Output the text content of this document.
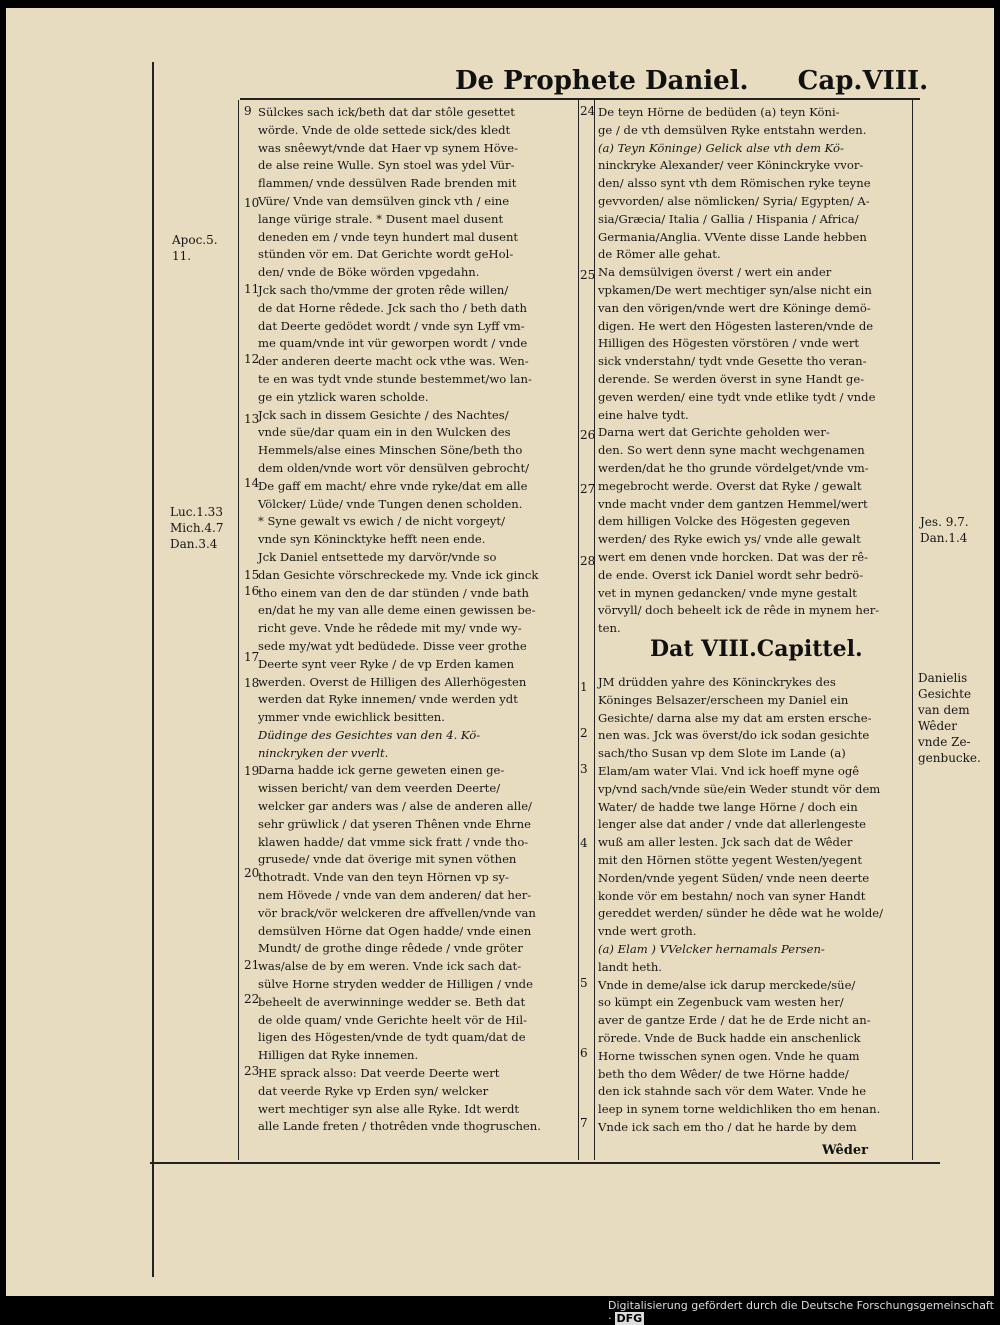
De Prophete Daniel. Cap.VIII.
Apoc.5.
11.
Luc.1.33
Mich.4.7
Dan.3.4
Jes. 9.7.
Dan.1.4
Danielis
Gesichte
van dem
Wêder
vnde Ze-
genbucke.
9
10
11
12
13
14
15
16
17
18
19
20
21
22
23
24
25
26
27
28
1
2
3
4
5
6
7

Sülckes sach ick/beth dat dar stôle gesettet

wörde. Vnde de olde settede sick/des kledt

was snêewyt/vnde dat Haer vp synem Höve-

de alse reine Wulle. Syn stoel was ydel Vür-

flammen/ vnde dessülven Rade brenden mit

Vüre/ Vnde van demsülven ginck vth / eine

lange vürige strale. * Dusent mael dusent

deneden em / vnde teyn hundert mal dusent

stünden vör em. Dat Gerichte wordt geHol-

den/ vnde de Böke wörden vpgedahn.

Jck sach tho/vmme der groten rêde willen/

de dat Horne rêdede. Jck sach tho / beth dath

dat Deerte gedödet wordt / vnde syn Lyff vm-

me quam/vnde int vür geworpen wordt / vnde

der anderen deerte macht ock vthe was. Wen-

te en was tydt vnde stunde bestemmet/wo lan-

ge ein ytzlick waren scholde.

Jck sach in dissem Gesichte / des Nachtes/

vnde süe/dar quam ein in den Wulcken des

Hemmels/alse eines Minschen Söne/beth tho

dem olden/vnde wort vör densülven gebrocht/

De gaff em macht/ ehre vnde ryke/dat em alle

Völcker/ Lüde/ vnde Tungen denen scholden.

* Syne gewalt vs ewich / de nicht vorgeyt/

vnde syn Könincktyke hefft neen ende.

Jck Daniel entsettede my darvör/vnde so

dan Gesichte vörschreckede my. Vnde ick ginck

tho einem van den de dar stünden / vnde bath

en/dat he my van alle deme einen gewissen be-

richt geve. Vnde he rêdede mit my/ vnde wy-

sede my/wat ydt bedüdede. Disse veer grothe

Deerte synt veer Ryke / de vp Erden kamen

werden. Overst de Hilligen des Allerhögesten

werden dat Ryke innemen/ vnde werden ydt

ymmer vnde ewichlick besitten.

Düdinge des Gesichtes van den 4. Kö-

ninckryken der vverlt.

Darna hadde ick gerne geweten einen ge-

wissen bericht/ van dem veerden Deerte/

welcker gar anders was / alse de anderen alle/

sehr grüwlick / dat yseren Thênen vnde Ehrne

klawen hadde/ dat vmme sick fratt / vnde tho-

grusede/ vnde dat överige mit synen vöthen

thotradt. Vnde van den teyn Hörnen vp sy-

nem Hövede / vnde van dem anderen/ dat her-

vör brack/vör welckeren dre affvellen/vnde van

demsülven Hörne dat Ogen hadde/ vnde einen

Mundt/ de grothe dinge rêdede / vnde gröter

was/alse de by em weren. Vnde ick sach dat-

sülve Horne stryden wedder de Hilligen / vnde

beheelt de averwinninge wedder se. Beth dat

de olde quam/ vnde Gerichte heelt vör de Hil-

ligen des Högesten/vnde de tydt quam/dat de

Hilligen dat Ryke innemen.

HE sprack alsso: Dat veerde Deerte wert

dat veerde Ryke vp Erden syn/ welcker

wert mechtiger syn alse alle Ryke. Idt werdt

alle Lande freten / thotrêden vnde thogruschen.

De teyn Hörne de bedüden (a) teyn Köni-

ge / de vth demsülven Ryke entstahn werden.

(a) Teyn Köninge) Gelick alse vth dem Kö-

ninckryke Alexander/ veer Köninckryke vvor-

den/ alsso synt vth dem Römischen ryke teyne

gevvorden/ alse nömlicken/ Syria/ Egypten/ A-

sia/Græcia/ Italia / Gallia / Hispania / Africa/

Germania/Anglia. VVente disse Lande hebben

de Römer alle gehat.

Na demsülvigen överst / wert ein ander

vpkamen/De wert mechtiger syn/alse nicht ein

van den vörigen/vnde wert dre Köninge demö-

digen. He wert den Högesten lasteren/vnde de

Hilligen des Högesten vörstören / vnde wert

sick vnderstahn/ tydt vnde Gesette tho veran-

derende. Se werden överst in syne Handt ge-

geven werden/ eine tydt vnde etlike tydt / vnde

eine halve tydt.

Darna wert dat Gerichte geholden wer-

den. So wert denn syne macht wechgenamen

werden/dat he tho grunde vördelget/vnde vm-

megebrocht werde. Overst dat Ryke / gewalt

vnde macht vnder dem gantzen Hemmel/wert

dem hilligen Volcke des Högesten gegeven

werden/ des Ryke ewich ys/ vnde alle gewalt

wert em denen vnde horcken. Dat was der rê-

de ende. Overst ick Daniel wordt sehr bedrö-

vet in mynen gedancken/ vnde myne gestalt

vörvyll/ doch beheelt ick de rêde in mynem her-

ten.

Dat VIII.Capittel.

JM drüdden yahre des Köninckrykes des

Köninges Belsazer/erscheen my Daniel ein

Gesichte/ darna alse my dat am ersten ersche-

nen was. Jck was överst/do ick sodan gesichte

sach/tho Susan vp dem Slote im Lande (a)

Elam/am water Vlai. Vnd ick hoeff myne ogê

vp/vnd sach/vnde süe/ein Weder stundt vör dem

Water/ de hadde twe lange Hörne / doch ein

lenger alse dat ander / vnde dat allerlengeste

wuß am aller lesten. Jck sach dat de Wêder

mit den Hörnen stötte yegent Westen/yegent

Norden/vnde yegent Süden/ vnde neen deerte

konde vör em bestahn/ noch van syner Handt

gereddet werden/ sünder he dêde wat he wolde/

vnde wert groth.

(a) Elam ) VVelcker hernamals Persen-

landt heth.

Vnde in deme/alse ick darup merckede/süe/

so kümpt ein Zegenbuck vam westen her/

aver de gantze Erde / dat he de Erde nicht an-

rörede. Vnde de Buck hadde ein anschenlick

Horne twisschen synen ogen. Vnde he quam

beth tho dem Wêder/ de twe Hörne hadde/

den ick stahnde sach vör dem Water. Vnde he

leep in synem torne weldichliken tho em henan.

Vnde ick sach em tho / dat he harde by dem

Wêder
Digitalisierung gefördert durch die Deutsche Forschungsgemeinschaft · DFG
